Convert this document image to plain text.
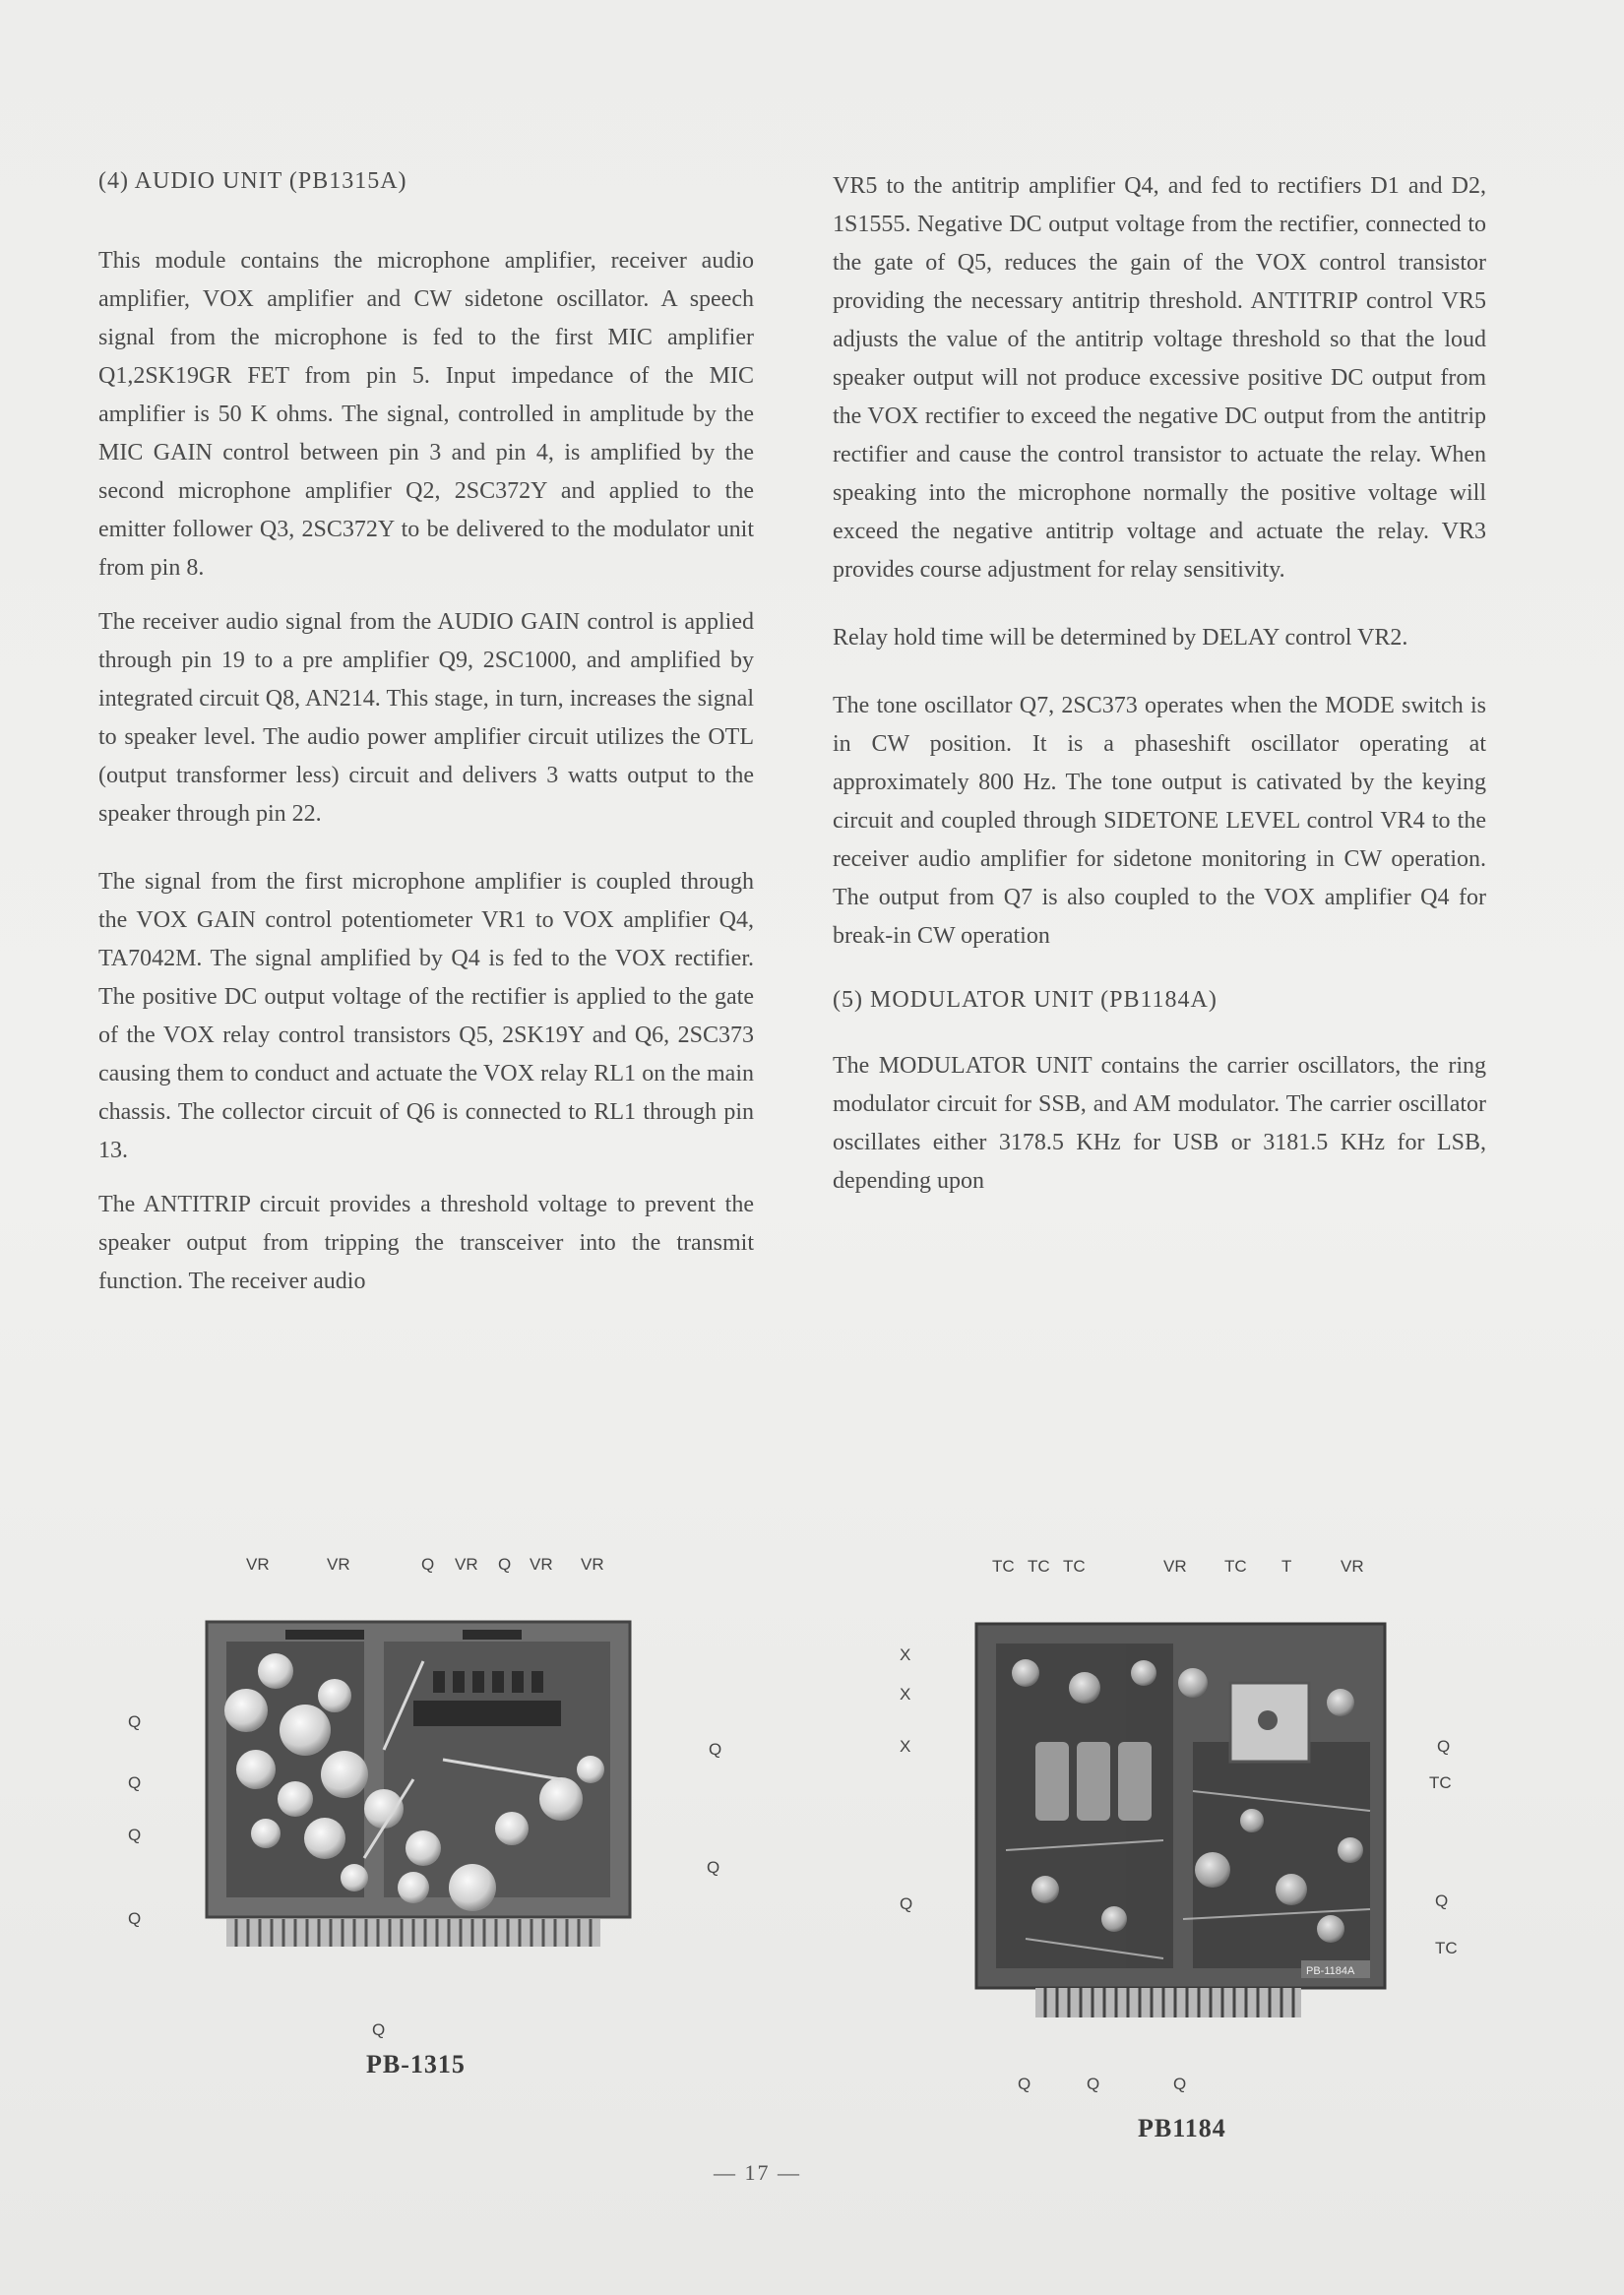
(4) AUDIO UNIT (PB1315A)

This module contains the microphone amplifier, receiver audio amplifier, VOX amplifier and CW sidetone oscillator. A speech signal from the microphone is fed to the first MIC amplifier Q1,2SK19GR FET from pin 5. Input impedance of the MIC amplifier is 50 K ohms. The signal, controlled in amplitude by the MIC GAIN control between pin 3 and pin 4, is amplified by the second microphone amplifier Q2, 2SC372Y and applied to the emitter follower Q3, 2SC372Y to be delivered to the modulator unit from pin 8.

The receiver audio signal from the AUDIO GAIN control is applied through pin 19 to a pre amplifier Q9, 2SC1000, and amplified by integrated circuit Q8, AN214. This stage, in turn, increases the signal to speaker level. The audio power amplifier circuit utilizes the OTL (output transformer less) circuit and delivers 3 watts output to the speaker through pin 22.

The signal from the first microphone amplifier is coupled through the VOX GAIN control potentiometer VR1 to VOX amplifier Q4, TA7042M. The signal amplified by Q4 is fed to the VOX rectifier. The positive DC output voltage of the rectifier is applied to the gate of the VOX relay control transistors Q5, 2SK19Y and Q6, 2SC373 causing them to conduct and actuate the VOX relay RL1 on the main chassis. The collector circuit of Q6 is connected to RL1 through pin 13.

The ANTITRIP circuit provides a threshold voltage to prevent the speaker output from tripping the transceiver into the transmit function. The receiver audio

VR5 to the antitrip amplifier Q4, and fed to rectifiers D1 and D2, 1S1555. Negative DC output voltage from the rectifier, connected to the gate of Q5, reduces the gain of the VOX control transistor providing the necessary antitrip threshold. ANTITRIP control VR5 adjusts the value of the antitrip voltage threshold so that the loud speaker output will not produce excessive positive DC output from the VOX rectifier to exceed the negative DC output from the antitrip rectifier and cause the control transistor to actuate the relay. When speaking into the microphone normally the positive voltage will exceed the negative antitrip voltage and actuate the relay. VR3 provides course adjustment for relay sensitivity.

Relay hold time will be determined by DELAY control VR2.

The tone oscillator Q7, 2SC373 operates when the MODE switch is in CW position. It is a phaseshift oscillator operating at approximately 800 Hz. The tone output is cativated by the keying circuit and coupled through SIDETONE LEVEL control VR4 to the receiver audio amplifier for sidetone monitoring in CW operation. The output from Q7 is also coupled to the VOX amplifier Q4 for break-in CW operation

(5) MODULATOR UNIT (PB1184A)

The MODULATOR UNIT contains the carrier oscillators, the ring modulator circuit for SSB, and AM modulator. The carrier oscillator oscillates either 3178.5 KHz for USB or 3181.5 KHz for LSB, depending upon

VR	VR	Q VR Q VR VR
Q
Q
Q
Q
Q
Q
Q
PB-1315
PB-1184A
TC TC TC	VR TC T	VR
X
X
X
Q
Q
TC
Q
TC
Q	Q	Q
PB1184
— 17 —
